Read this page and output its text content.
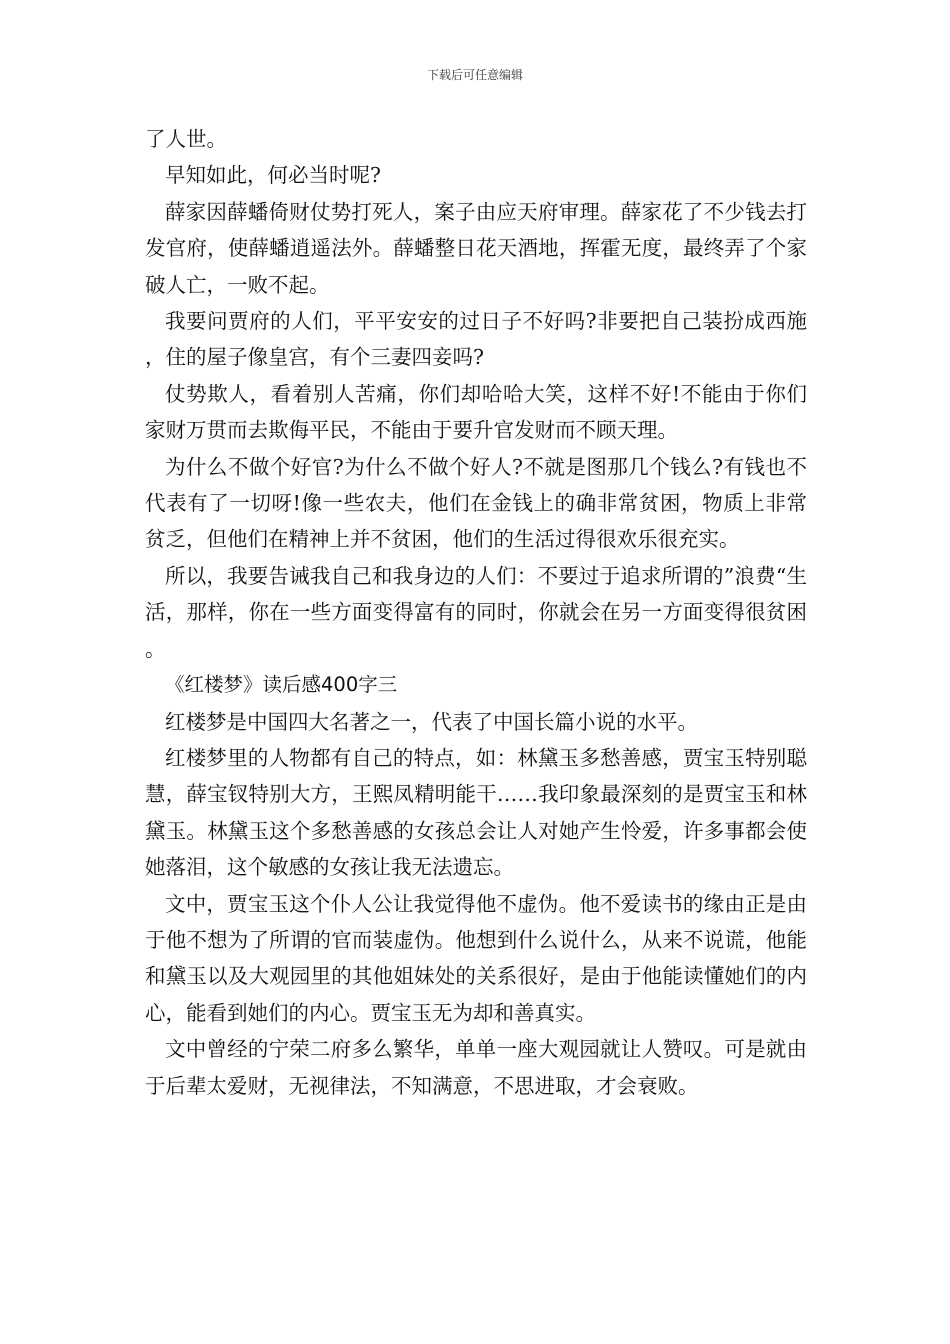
下载后可任意编辑

了人世。

早知如此，何必当时呢?

薛家因薛蟠倚财仗势打死人，案子由应天府审理。薛家花了不少钱去打发官府，使薛蟠逍遥法外。薛蟠整日花天酒地，挥霍无度，最终弄了个家破人亡，一败不起。

我要问贾府的人们，平平安安的过日子不好吗?非要把自己装扮成西施，住的屋子像皇宫，有个三妻四妾吗?

仗势欺人，看着别人苦痛，你们却哈哈大笑，这样不好!不能由于你们家财万贯而去欺侮平民，不能由于要升官发财而不顾天理。

为什么不做个好官?为什么不做个好人?不就是图那几个钱么?有钱也不代表有了一切呀!像一些农夫，他们在金钱上的确非常贫困，物质上非常贫乏，但他们在精神上并不贫困，他们的生活过得很欢乐很充实。

所以，我要告诫我自己和我身边的人们：不要过于追求所谓的”浪费“生活，那样，你在一些方面变得富有的同时，你就会在另一方面变得很贫困。

《红楼梦》读后感400字三

红楼梦是中国四大名著之一，代表了中国长篇小说的水平。

红楼梦里的人物都有自己的特点，如：林黛玉多愁善感，贾宝玉特别聪慧，薛宝钗特别大方，王熙凤精明能干……我印象最深刻的是贾宝玉和林黛玉。林黛玉这个多愁善感的女孩总会让人对她产生怜爱，许多事都会使她落泪，这个敏感的女孩让我无法遗忘。

文中，贾宝玉这个仆人公让我觉得他不虚伪。他不爱读书的缘由正是由于他不想为了所谓的官而装虚伪。他想到什么说什么，从来不说谎，他能和黛玉以及大观园里的其他姐妹处的关系很好，是由于他能读懂她们的内心，能看到她们的内心。贾宝玉无为却和善真实。

文中曾经的宁荣二府多么繁华，单单一座大观园就让人赞叹。可是就由于后辈太爱财，无视律法，不知满意，不思进取，才会衰败。
